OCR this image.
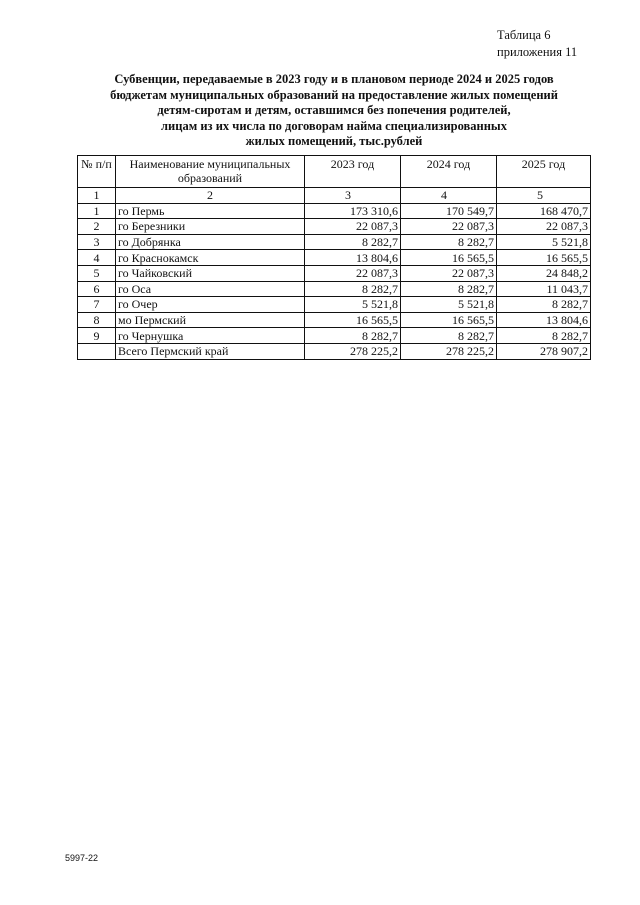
Таблица 6
приложения 11
Субвенции, передаваемые в 2023 году и в плановом периоде 2024 и 2025 годов
бюджетам муниципальных образований на предоставление жилых помещений
детям-сиротам и детям, оставшимся без попечения родителей,
лицам из их числа по договорам найма специализированных
жилых помещений, тыс.рублей
№ п/п	Наименование муниципальных образований	2023 год	2024 год	2025 год
1	2	3	4	5
1	го Пермь	173 310,6	170 549,7	168 470,7
2	го Березники	22 087,3	22 087,3	22 087,3
3	го Добрянка	8 282,7	8 282,7	5 521,8
4	го Краснокамск	13 804,6	16 565,5	16 565,5
5	го Чайковский	22 087,3	22 087,3	24 848,2
6	го Оса	8 282,7	8 282,7	11 043,7
7	го Очер	5 521,8	5 521,8	8 282,7
8	мо Пермский	16 565,5	16 565,5	13 804,6
9	го Чернушка	8 282,7	8 282,7	8 282,7
	Всего Пермский край	278 225,2	278 225,2	278 907,2
5997-22
